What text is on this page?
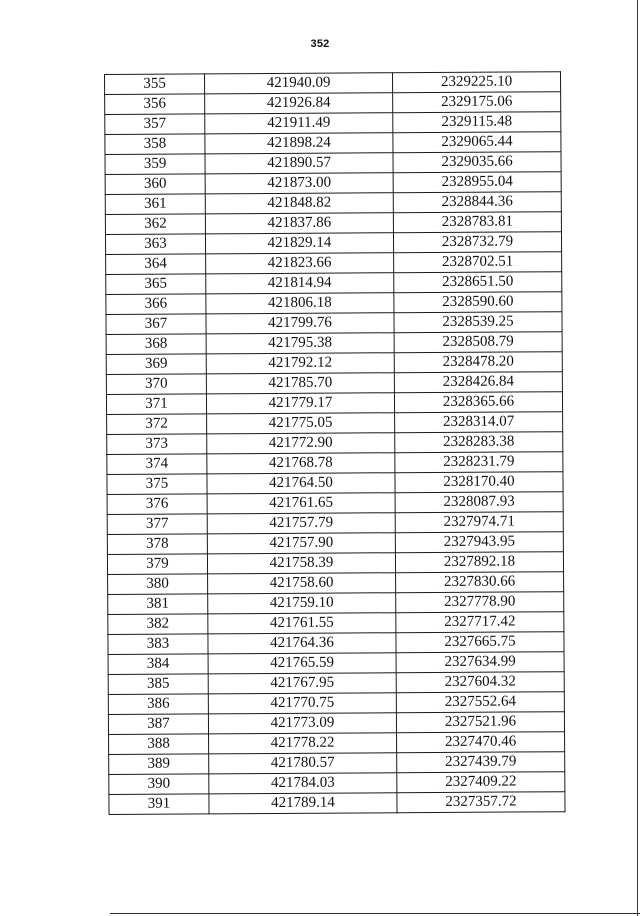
352
355	421940.09	2329225.10
356	421926.84	2329175.06
357	421911.49	2329115.48
358	421898.24	2329065.44
359	421890.57	2329035.66
360	421873.00	2328955.04
361	421848.82	2328844.36
362	421837.86	2328783.81
363	421829.14	2328732.79
364	421823.66	2328702.51
365	421814.94	2328651.50
366	421806.18	2328590.60
367	421799.76	2328539.25
368	421795.38	2328508.79
369	421792.12	2328478.20
370	421785.70	2328426.84
371	421779.17	2328365.66
372	421775.05	2328314.07
373	421772.90	2328283.38
374	421768.78	2328231.79
375	421764.50	2328170.40
376	421761.65	2328087.93
377	421757.79	2327974.71
378	421757.90	2327943.95
379	421758.39	2327892.18
380	421758.60	2327830.66
381	421759.10	2327778.90
382	421761.55	2327717.42
383	421764.36	2327665.75
384	421765.59	2327634.99
385	421767.95	2327604.32
386	421770.75	2327552.64
387	421773.09	2327521.96
388	421778.22	2327470.46
389	421780.57	2327439.79
390	421784.03	2327409.22
391	421789.14	2327357.72
